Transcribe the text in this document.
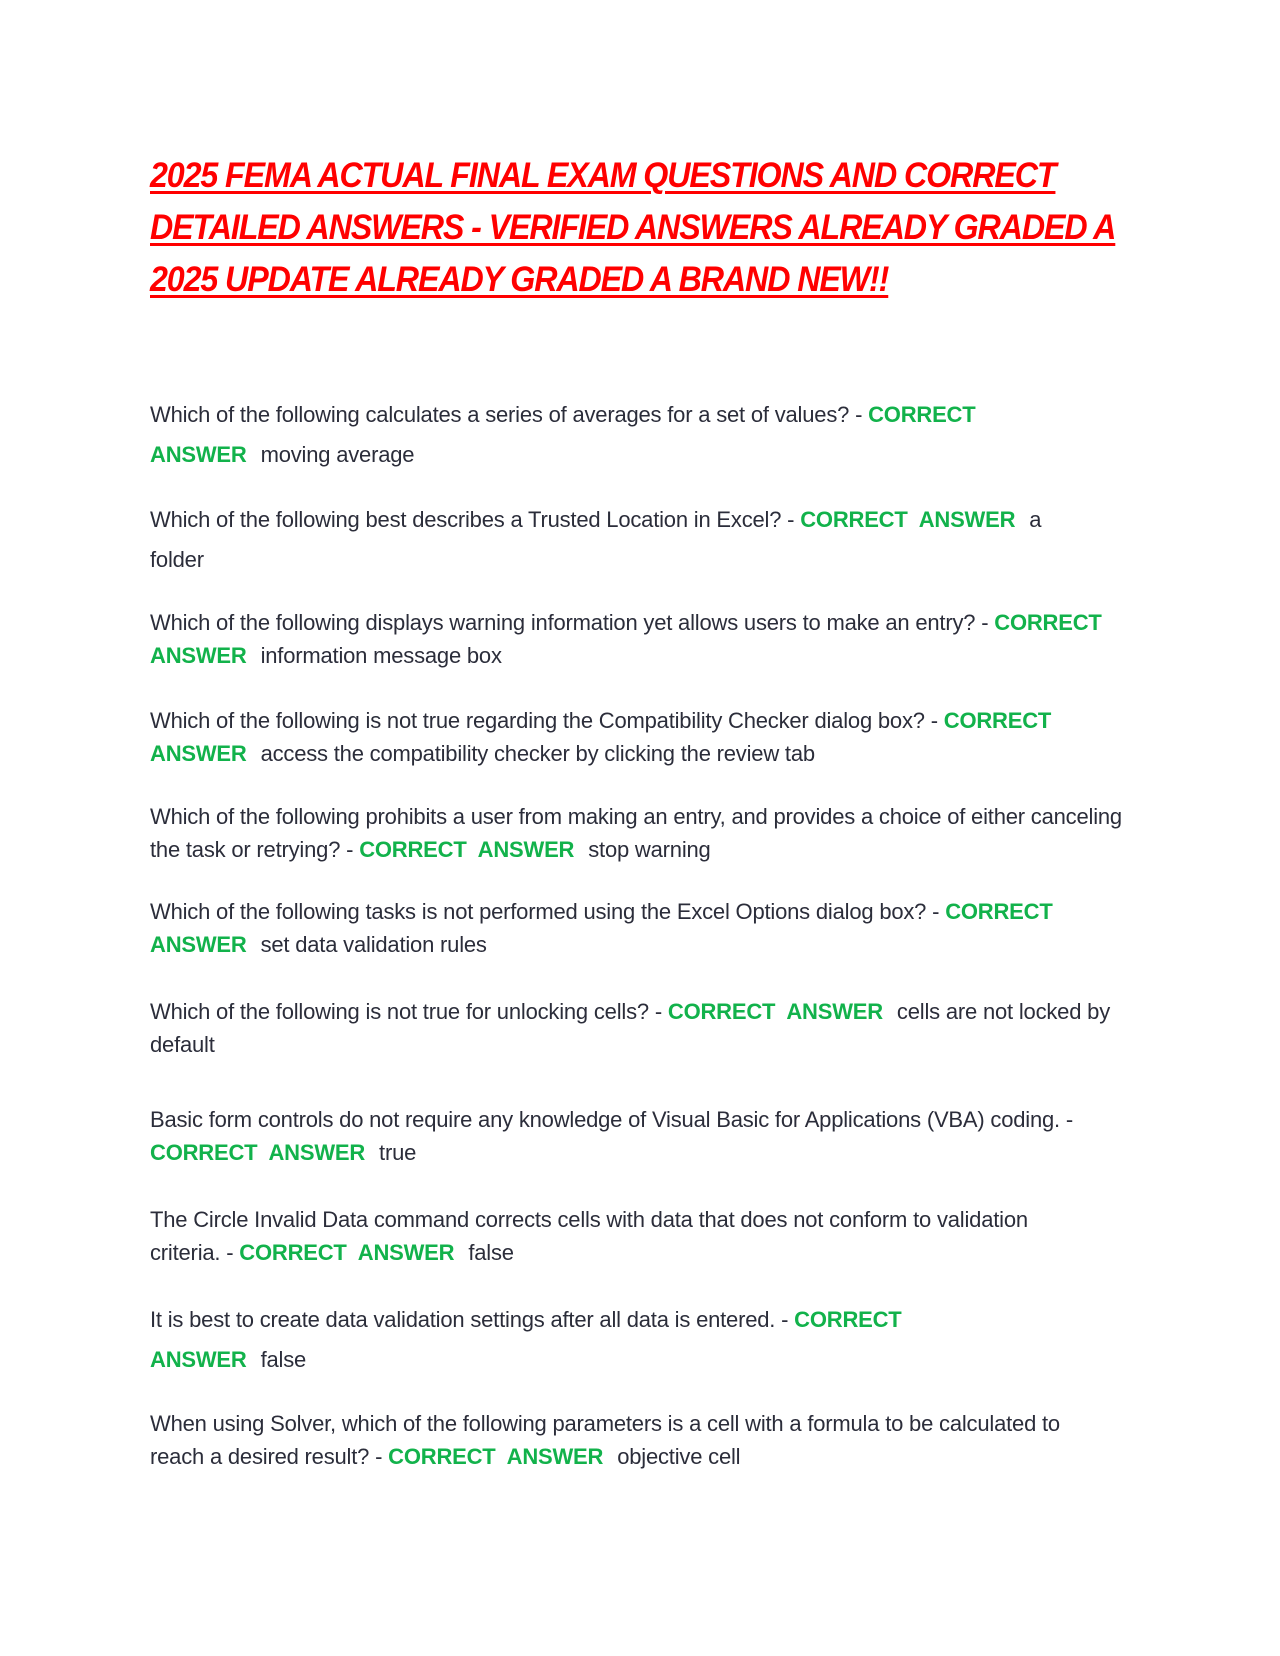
2025 FEMA ACTUAL FINAL EXAM QUESTIONS AND CORRECT DETAILED ANSWERS - VERIFIED ANSWERS ALREADY GRADED A 2025 UPDATE ALREADY GRADED A BRAND NEW!!

Which of the following calculates a series of averages for a set of values? - CORRECT ANSWER moving average

Which of the following best describes a Trusted Location in Excel? - CORRECT ANSWER a folder

Which of the following displays warning information yet allows users to make an entry? - CORRECT ANSWER information message box

Which of the following is not true regarding the Compatibility Checker dialog box? - CORRECT ANSWER access the compatibility checker by clicking the review tab

Which of the following prohibits a user from making an entry, and provides a choice of either canceling the task or retrying? - CORRECT ANSWER stop warning

Which of the following tasks is not performed using the Excel Options dialog box? - CORRECT ANSWER set data validation rules

Which of the following is not true for unlocking cells? - CORRECT ANSWER cells are not locked by default

Basic form controls do not require any knowledge of Visual Basic for Applications (VBA) coding. - CORRECT ANSWER true

The Circle Invalid Data command corrects cells with data that does not conform to validation criteria. - CORRECT ANSWER false

It is best to create data validation settings after all data is entered. - CORRECT ANSWER false

When using Solver, which of the following parameters is a cell with a formula to be calculated to reach a desired result? - CORRECT ANSWER objective cell
